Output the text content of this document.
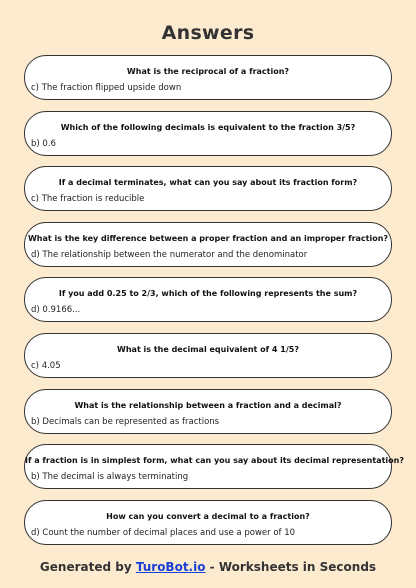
Answers
What is the reciprocal of a fraction?
c) The fraction flipped upside down
Which of the following decimals is equivalent to the fraction 3/5?
b) 0.6
If a decimal terminates, what can you say about its fraction form?
c) The fraction is reducible
What is the key difference between a proper fraction and an improper fraction?
d) The relationship between the numerator and the denominator
If you add 0.25 to 2/3, which of the following represents the sum?
d) 0.9166...
What is the decimal equivalent of 4 1/5?
c) 4.05
What is the relationship between a fraction and a decimal?
b) Decimals can be represented as fractions
If a fraction is in simplest form, what can you say about its decimal representation?
b) The decimal is always terminating
How can you convert a decimal to a fraction?
d) Count the number of decimal places and use a power of 10
Generated by TuroBot.io - Worksheets in Seconds
